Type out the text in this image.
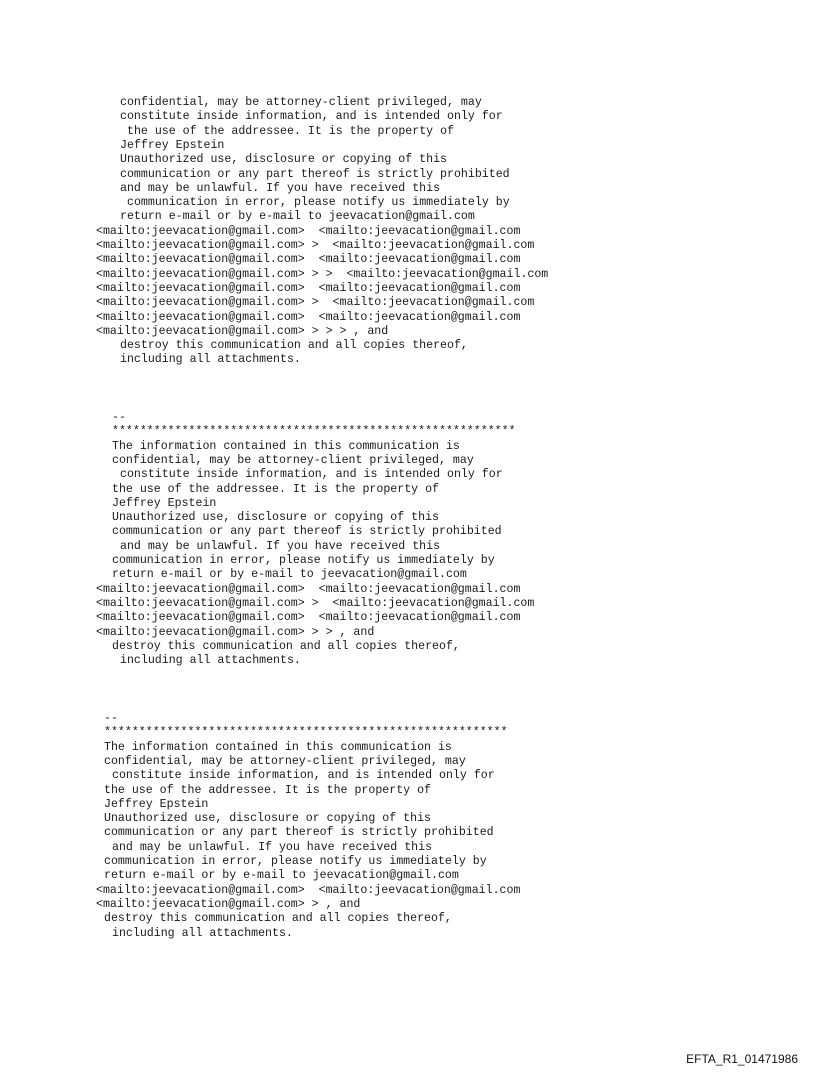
confidential, may be attorney-client privileged, may
constitute inside information, and is intended only for
the use of the addressee. It is the property of
Jeffrey Epstein
Unauthorized use, disclosure or copying of this
communication or any part thereof is strictly prohibited
and may be unlawful. If you have received this
communication in error, please notify us immediately by
return e-mail or by e-mail to jeevacation@gmail.com
<mailto:jeevacation@gmail.com>  <mailto:jeevacation@gmail.com
<mailto:jeevacation@gmail.com> >  <mailto:jeevacation@gmail.com
<mailto:jeevacation@gmail.com>  <mailto:jeevacation@gmail.com
<mailto:jeevacation@gmail.com> > >  <mailto:jeevacation@gmail.com
<mailto:jeevacation@gmail.com>  <mailto:jeevacation@gmail.com
<mailto:jeevacation@gmail.com> >  <mailto:jeevacation@gmail.com
<mailto:jeevacation@gmail.com>  <mailto:jeevacation@gmail.com
<mailto:jeevacation@gmail.com> > > > , and
destroy this communication and all copies thereof,
including all attachments.
--
**********************************************************
The information contained in this communication is
confidential, may be attorney-client privileged, may
constitute inside information, and is intended only for
the use of the addressee. It is the property of
Jeffrey Epstein
Unauthorized use, disclosure or copying of this
communication or any part thereof is strictly prohibited
and may be unlawful. If you have received this
communication in error, please notify us immediately by
return e-mail or by e-mail to jeevacation@gmail.com
<mailto:jeevacation@gmail.com>  <mailto:jeevacation@gmail.com
<mailto:jeevacation@gmail.com> >  <mailto:jeevacation@gmail.com
<mailto:jeevacation@gmail.com>  <mailto:jeevacation@gmail.com
<mailto:jeevacation@gmail.com> > > , and
destroy this communication and all copies thereof,
including all attachments.
--
**********************************************************
The information contained in this communication is
confidential, may be attorney-client privileged, may
constitute inside information, and is intended only for
the use of the addressee. It is the property of
Jeffrey Epstein
Unauthorized use, disclosure or copying of this
communication or any part thereof is strictly prohibited
and may be unlawful. If you have received this
communication in error, please notify us immediately by
return e-mail or by e-mail to jeevacation@gmail.com
<mailto:jeevacation@gmail.com>  <mailto:jeevacation@gmail.com
<mailto:jeevacation@gmail.com> > , and
destroy this communication and all copies thereof,
including all attachments.
EFTA_R1_01471986
